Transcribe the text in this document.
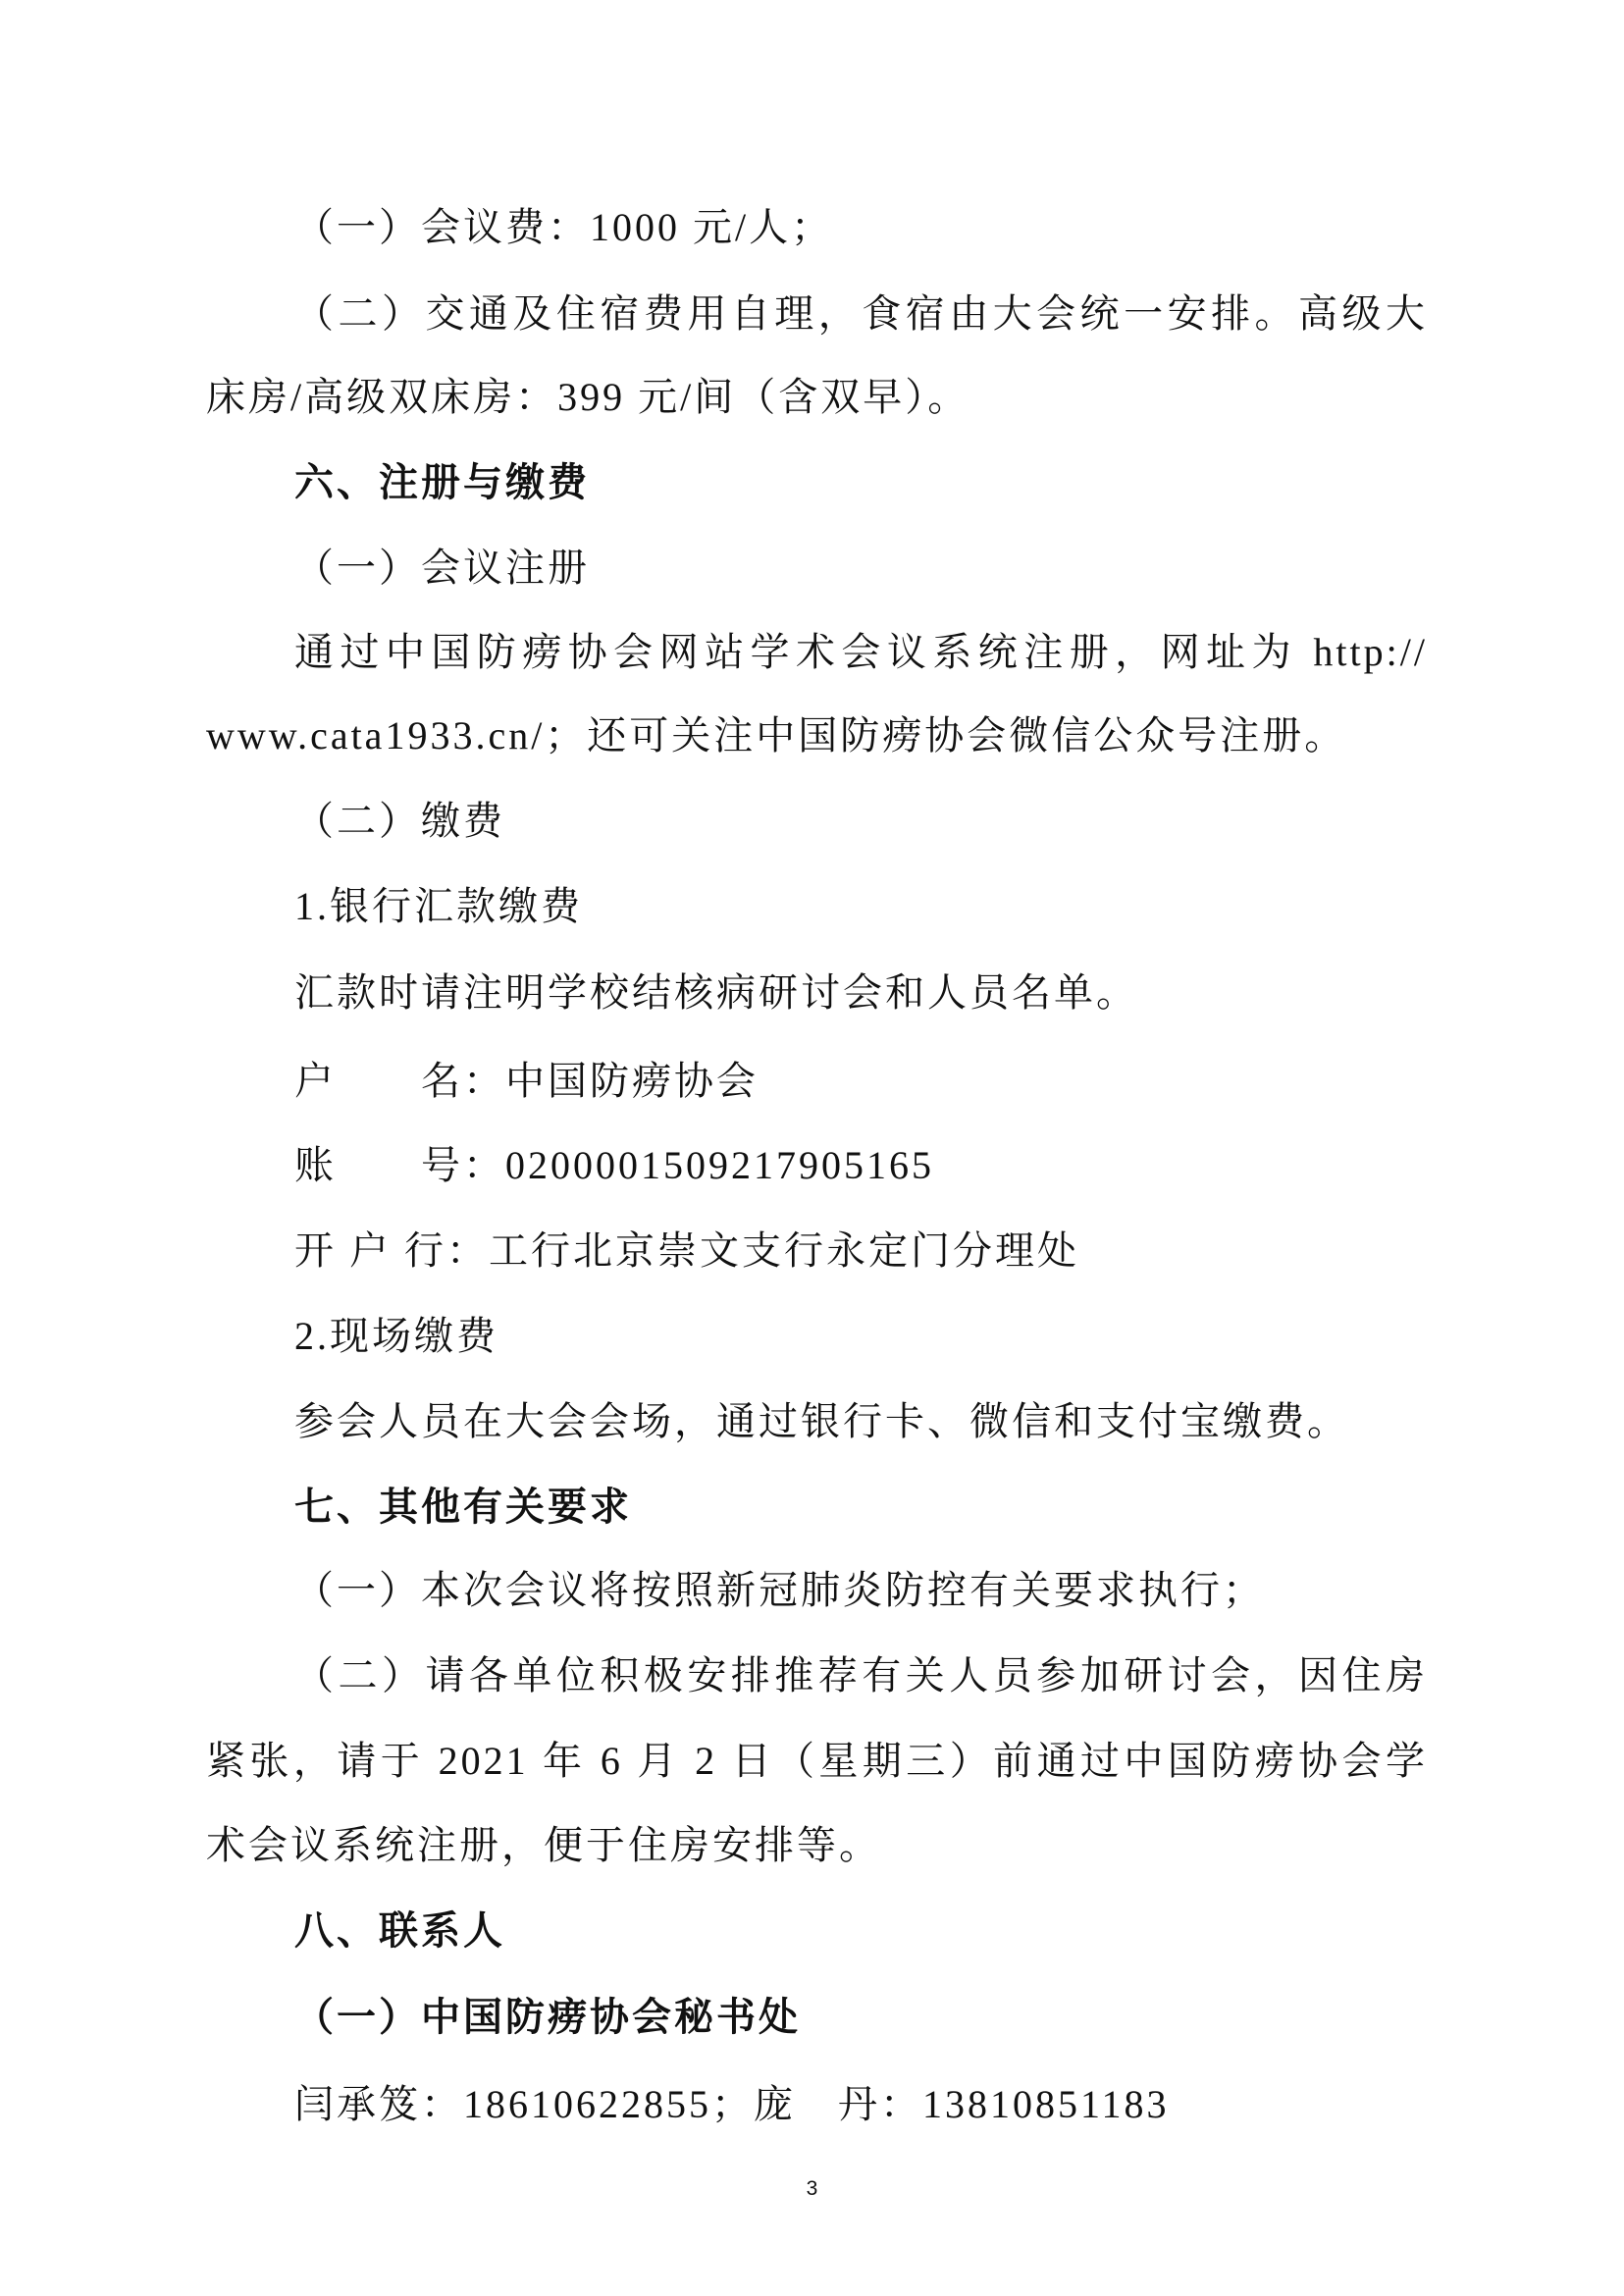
（一）会议费：1000 元/人；
（二）交通及住宿费用自理，食宿由大会统一安排。高级大
床房/高级双床房：399 元/间（含双早）。
六、注册与缴费
（一）会议注册
通过中国防痨协会网站学术会议系统注册，网址为 http://
www.cata1933.cn/；还可关注中国防痨协会微信公众号注册。
（二）缴费
1.银行汇款缴费
汇款时请注明学校结核病研讨会和人员名单。
户　　名：中国防痨协会
账　　号：0200001509217905165
开 户 行：工行北京崇文支行永定门分理处
2.现场缴费
参会人员在大会会场，通过银行卡、微信和支付宝缴费。
七、其他有关要求
（一）本次会议将按照新冠肺炎防控有关要求执行；
（二）请各单位积极安排推荐有关人员参加研讨会，因住房
紧张，请于 2021 年 6 月 2 日（星期三）前通过中国防痨协会学
术会议系统注册，便于住房安排等。
八、联系人
（一）中国防痨协会秘书处
闫承笈：18610622855；庞　丹：13810851183
3
